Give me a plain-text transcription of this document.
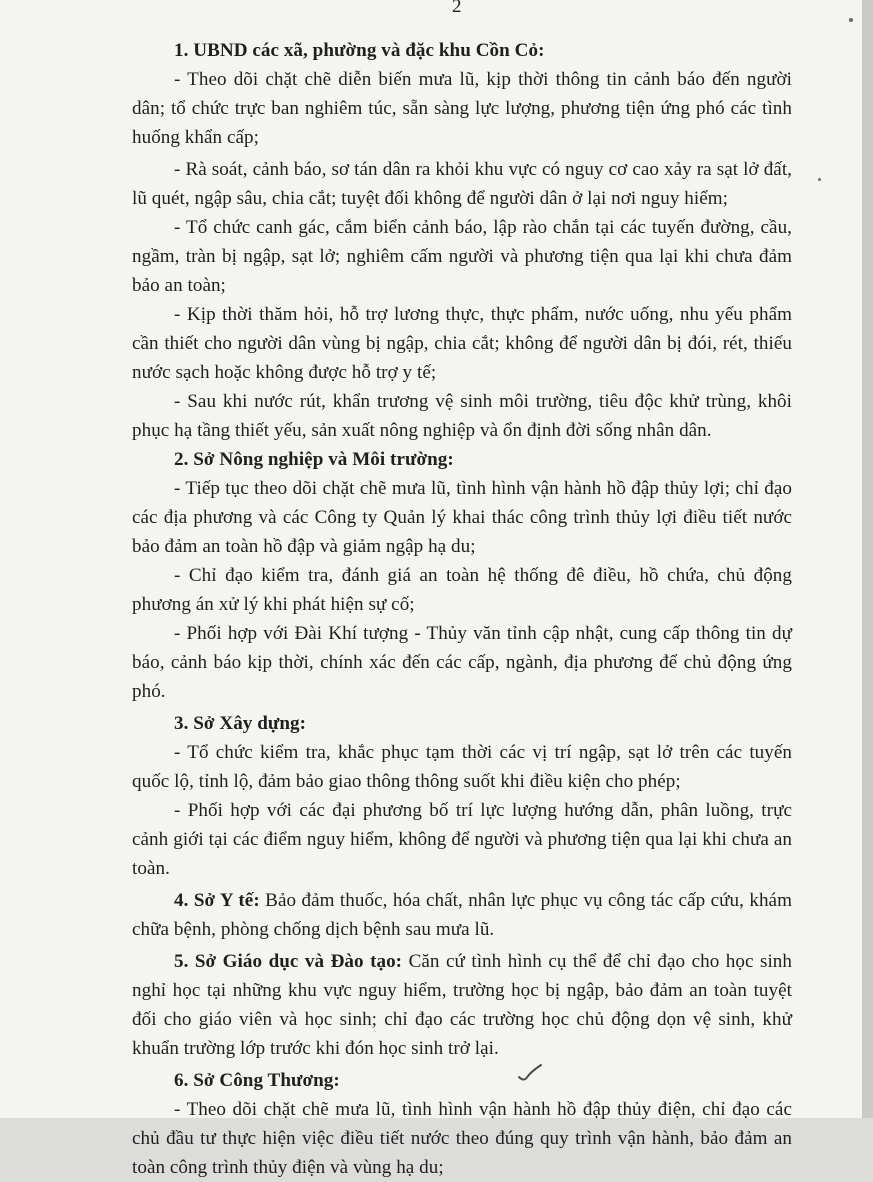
2

1. UBND các xã, phường và đặc khu Cồn Cỏ:

- Theo dõi chặt chẽ diễn biến mưa lũ, kịp thời thông tin cảnh báo đến người dân; tổ chức trực ban nghiêm túc, sẵn sàng lực lượng, phương tiện ứng phó các tình huống khẩn cấp;

- Rà soát, cảnh báo, sơ tán dân ra khỏi khu vực có nguy cơ cao xảy ra sạt lở đất, lũ quét, ngập sâu, chia cắt; tuyệt đối không để người dân ở lại nơi nguy hiểm;

- Tổ chức canh gác, cắm biển cảnh báo, lập rào chắn tại các tuyến đường, cầu, ngầm, tràn bị ngập, sạt lở; nghiêm cấm người và phương tiện qua lại khi chưa đảm bảo an toàn;

- Kịp thời thăm hỏi, hỗ trợ lương thực, thực phẩm, nước uống, nhu yếu phẩm cần thiết cho người dân vùng bị ngập, chia cắt; không để người dân bị đói, rét, thiếu nước sạch hoặc không được hỗ trợ y tế;

- Sau khi nước rút, khẩn trương vệ sinh môi trường, tiêu độc khử trùng, khôi phục hạ tầng thiết yếu, sản xuất nông nghiệp và ổn định đời sống nhân dân.

2. Sở Nông nghiệp và Môi trường:

- Tiếp tục theo dõi chặt chẽ mưa lũ, tình hình vận hành hồ đập thủy lợi; chỉ đạo các địa phương và các Công ty Quản lý khai thác công trình thủy lợi điều tiết nước bảo đảm an toàn hồ đập và giảm ngập hạ du;

- Chỉ đạo kiểm tra, đánh giá an toàn hệ thống đê điều, hồ chứa, chủ động phương án xử lý khi phát hiện sự cố;

- Phối hợp với Đài Khí tượng - Thủy văn tỉnh cập nhật, cung cấp thông tin dự báo, cảnh báo kịp thời, chính xác đến các cấp, ngành, địa phương để chủ động ứng phó.

3. Sở Xây dựng:

- Tổ chức kiểm tra, khắc phục tạm thời các vị trí ngập, sạt lở trên các tuyến quốc lộ, tỉnh lộ, đảm bảo giao thông thông suốt khi điều kiện cho phép;

- Phối hợp với các đại phương bố trí lực lượng hướng dẫn, phân luồng, trực cảnh giới tại các điểm nguy hiểm, không để người và phương tiện qua lại khi chưa an toàn.

4. Sở Y tế: Bảo đảm thuốc, hóa chất, nhân lực phục vụ công tác cấp cứu, khám chữa bệnh, phòng chống dịch bệnh sau mưa lũ.

5. Sở Giáo dục và Đào tạo: Căn cứ tình hình cụ thể để chỉ đạo cho học sinh nghỉ học tại những khu vực nguy hiểm, trường học bị ngập, bảo đảm an toàn tuyệt đối cho giáo viên và học sinh; chỉ đạo các trường học chủ động dọn vệ sinh, khử khuẩn trường lớp trước khi đón học sinh trở lại.

6. Sở Công Thương:

- Theo dõi chặt chẽ mưa lũ, tình hình vận hành hồ đập thủy điện, chỉ đạo các chủ đầu tư thực hiện việc điều tiết nước theo đúng quy trình vận hành, bảo đảm an toàn công trình thủy điện và vùng hạ du;
